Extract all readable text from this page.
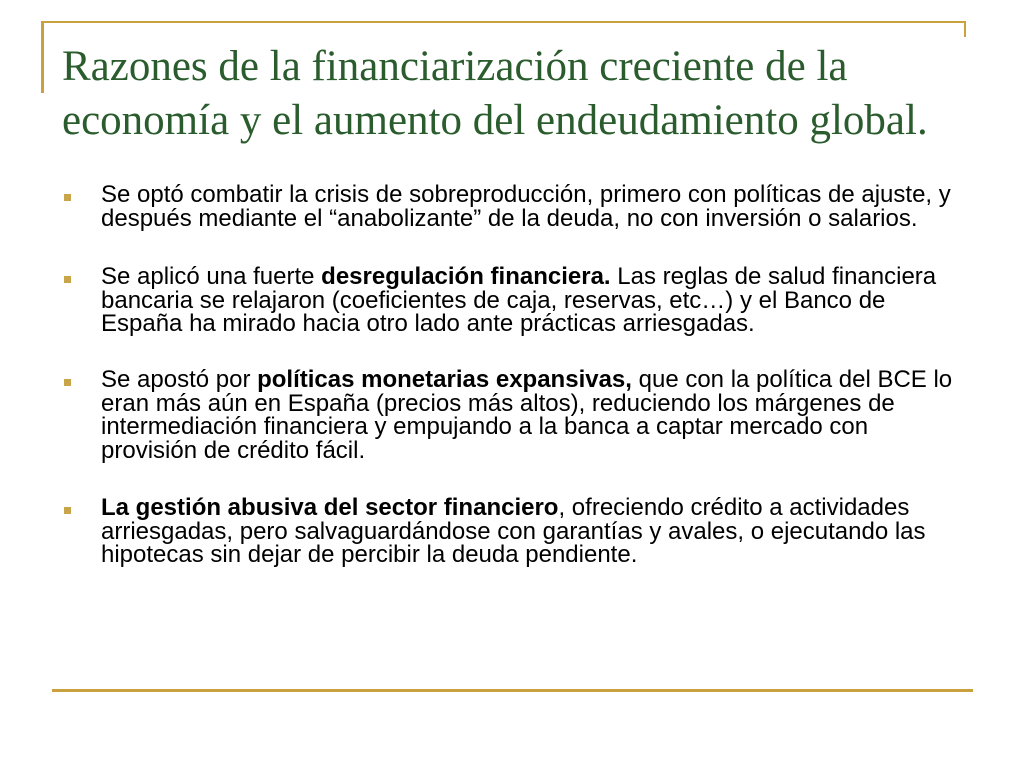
Razones de la financiarización creciente de la economía y el aumento del endeudamiento global.

Se optó combatir la crisis de sobreproducción, primero con políticas de ajuste, y después mediante el “anabolizante” de la deuda, no con inversión o salarios.

Se aplicó una fuerte desregulación financiera. Las reglas de salud financiera bancaria se relajaron (coeficientes de caja, reservas, etc…) y el Banco de España ha mirado hacia otro lado ante prácticas arriesgadas.

Se apostó por políticas monetarias expansivas, que con la política del BCE lo eran más aún en España (precios más altos), reduciendo los márgenes de intermediación financiera y empujando a la banca a captar mercado con provisión de crédito fácil.

La gestión abusiva del sector financiero, ofreciendo crédito a actividades arriesgadas, pero salvaguardándose con garantías y avales, o ejecutando las hipotecas sin dejar de percibir la deuda pendiente.
